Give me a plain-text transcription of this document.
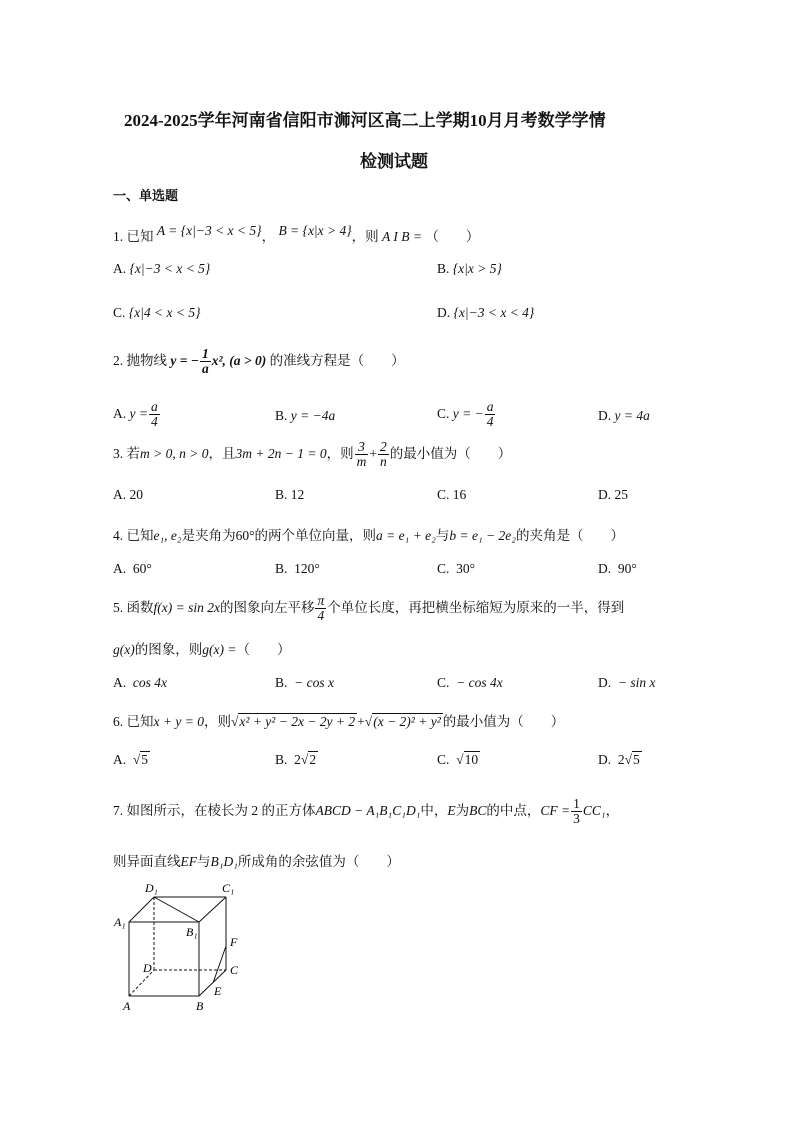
2024-2025学年河南省信阳市浉河区高二上学期10月月考数学学情
检测试题
一、单选题
1. 已知 A = {x|−3 < x < 5}， B = {x|x > 4}，则 A I B = （　　）
A. {x|−3 < x < 5}	B. {x|x > 5}
C. {x|4 < x < 5}	D. {x|−3 < x < 4}
2. 抛物线 y = − $\frac{1}{a} x^2$, (a > 0) 的准线方程是（　　）
A. $y = \frac{a}{4}$	B. y = −4a	C. y = − $\frac{a}{4}$	D. y = 4a
3. 若m > 0, n > 0，且3m + 2n − 1 = 0，则 $\frac{3}{m} + \frac{2}{n}$ 的最小值为（　　）
A. 20	B. 12	C. 16	D. 25
4. 已知e₁, e₂是夹角为60°的两个单位向量，则a = e₁ + e₂与b = e₁ − 2e₂的夹角是（　　）
A. 60°	B. 120°	C. 30°	D. 90°
5. 函数f(x) = sin 2x的图象向左平移 $\frac{\pi}{4}$ 个单位长度，再把横坐标缩短为原来的一半，得到
g(x)的图象，则g(x) =（　　）
A. cos 4x	B. − cos x	C. − cos 4x	D. − sin x
6. 已知x + y = 0，则√x² + y² − 2x − 2y + 2 +√(x − 2)² + y² 的最小值为（　　）
A. √5	B. 2√2	C. √10	D. 2√5
7. 如图所示，在棱长为 2 的正方体ABCD − A₁B₁C₁D₁中，E为BC的中点，CF = $\frac{1}{3} CC_1$，
则异面直线EF与B₁D₁所成角的余弦值为（　　）
D₁	C₁
A₁
B₁
F
D	C
E
A	B
